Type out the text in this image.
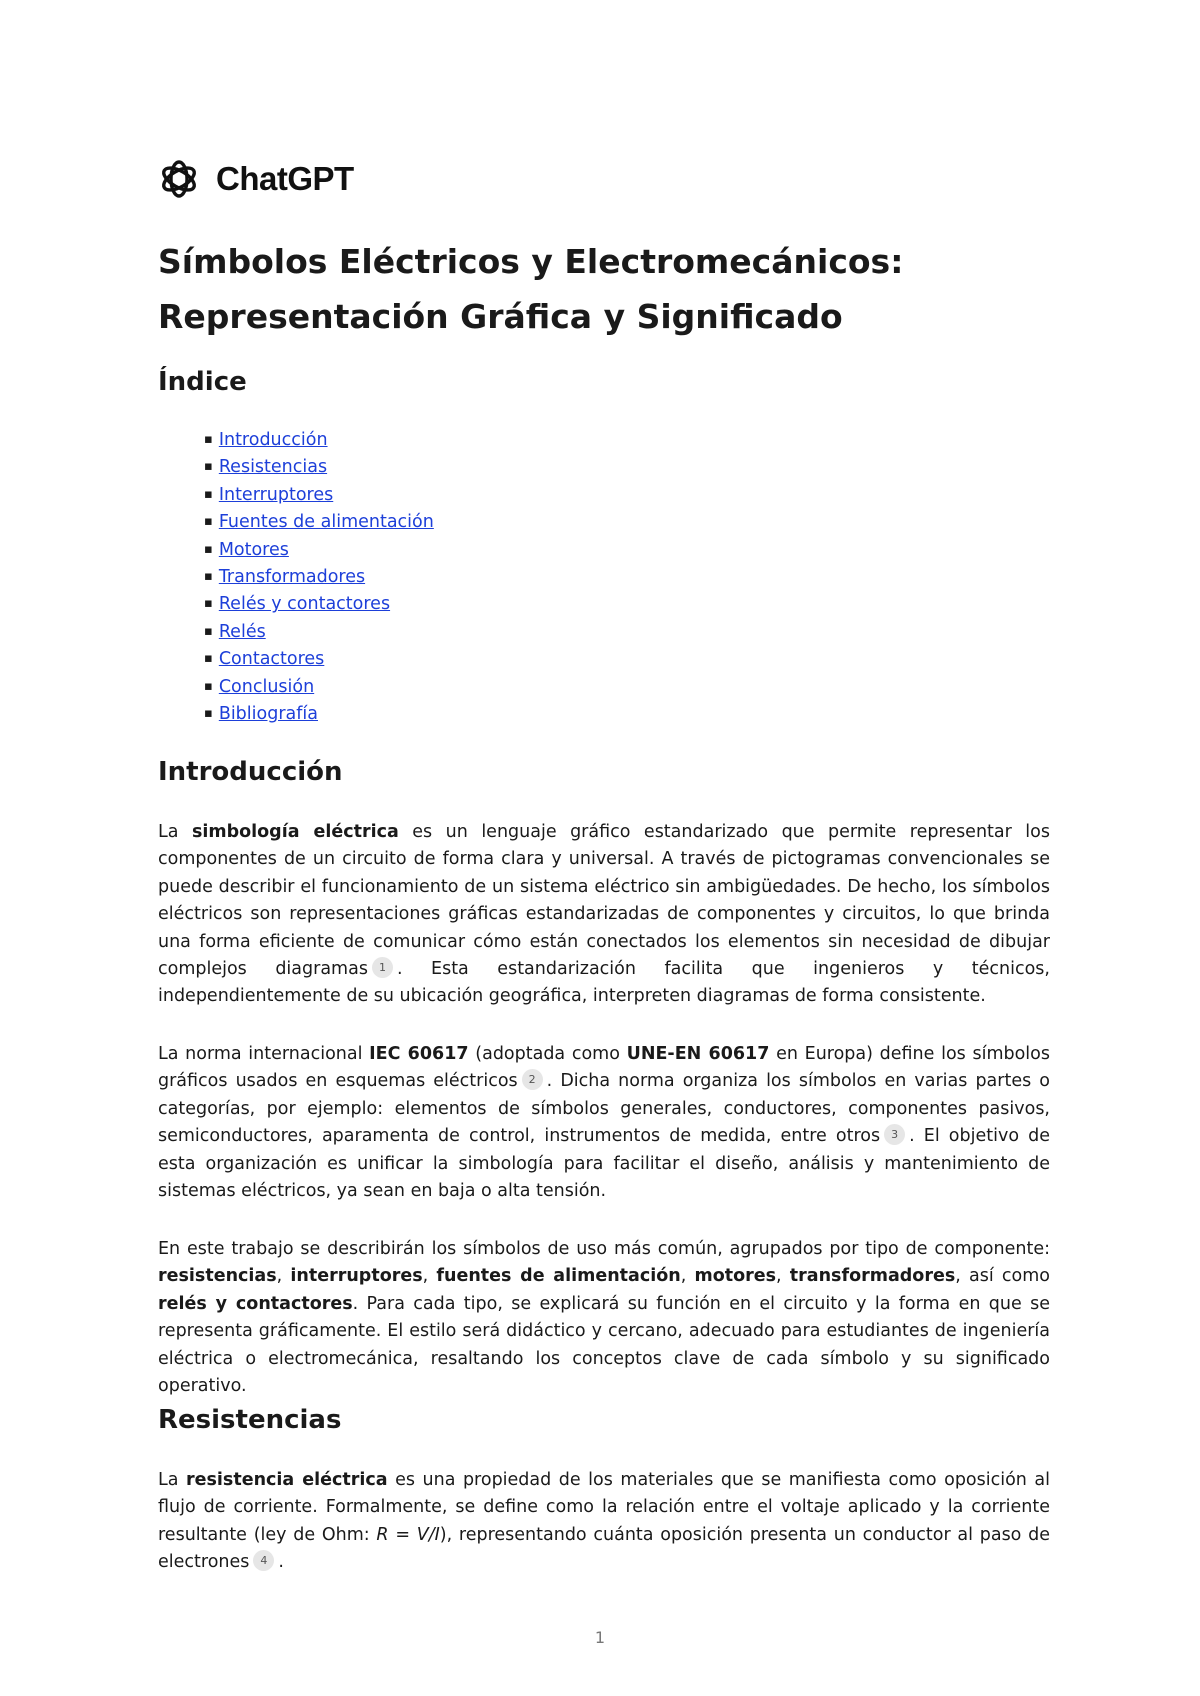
ChatGPT
Símbolos Eléctricos y Electromecánicos: Representación Gráfica y Significado
Índice
▪ Introducción
▪ Resistencias
▪ Interruptores
▪ Fuentes de alimentación
▪ Motores
▪ Transformadores
▪ Relés y contactores
▪ Relés
▪ Contactores
▪ Conclusión
▪ Bibliografía
Introducción

La simbología eléctrica es un lenguaje gráfico estandarizado que permite representar los componentes de un circuito de forma clara y universal. A través de pictogramas convencionales se puede describir el funcionamiento de un sistema eléctrico sin ambigüedades. De hecho, los símbolos eléctricos son representaciones gráficas estandarizadas de componentes y circuitos, lo que brinda una forma eficiente de comunicar cómo están conectados los elementos sin necesidad de dibujar complejos diagramas 1 . Esta estandarización facilita que ingenieros y técnicos, independientemente de su ubicación geográfica, interpreten diagramas de forma consistente.

La norma internacional IEC 60617 (adoptada como UNE-EN 60617 en Europa) define los símbolos gráficos usados en esquemas eléctricos 2 . Dicha norma organiza los símbolos en varias partes o categorías, por ejemplo: elementos de símbolos generales, conductores, componentes pasivos, semiconductores, aparamenta de control, instrumentos de medida, entre otros 3 . El objetivo de esta organización es unificar la simbología para facilitar el diseño, análisis y mantenimiento de sistemas eléctricos, ya sean en baja o alta tensión.

En este trabajo se describirán los símbolos de uso más común, agrupados por tipo de componente: resistencias, interruptores, fuentes de alimentación, motores, transformadores, así como relés y contactores. Para cada tipo, se explicará su función en el circuito y la forma en que se representa gráficamente. El estilo será didáctico y cercano, adecuado para estudiantes de ingeniería eléctrica o electromecánica, resaltando los conceptos clave de cada símbolo y su significado operativo.

Resistencias

La resistencia eléctrica es una propiedad de los materiales que se manifiesta como oposición al flujo de corriente. Formalmente, se define como la relación entre el voltaje aplicado y la corriente resultante (ley de Ohm: R = V/I), representando cuánta oposición presenta un conductor al paso de electrones 4 .

1
